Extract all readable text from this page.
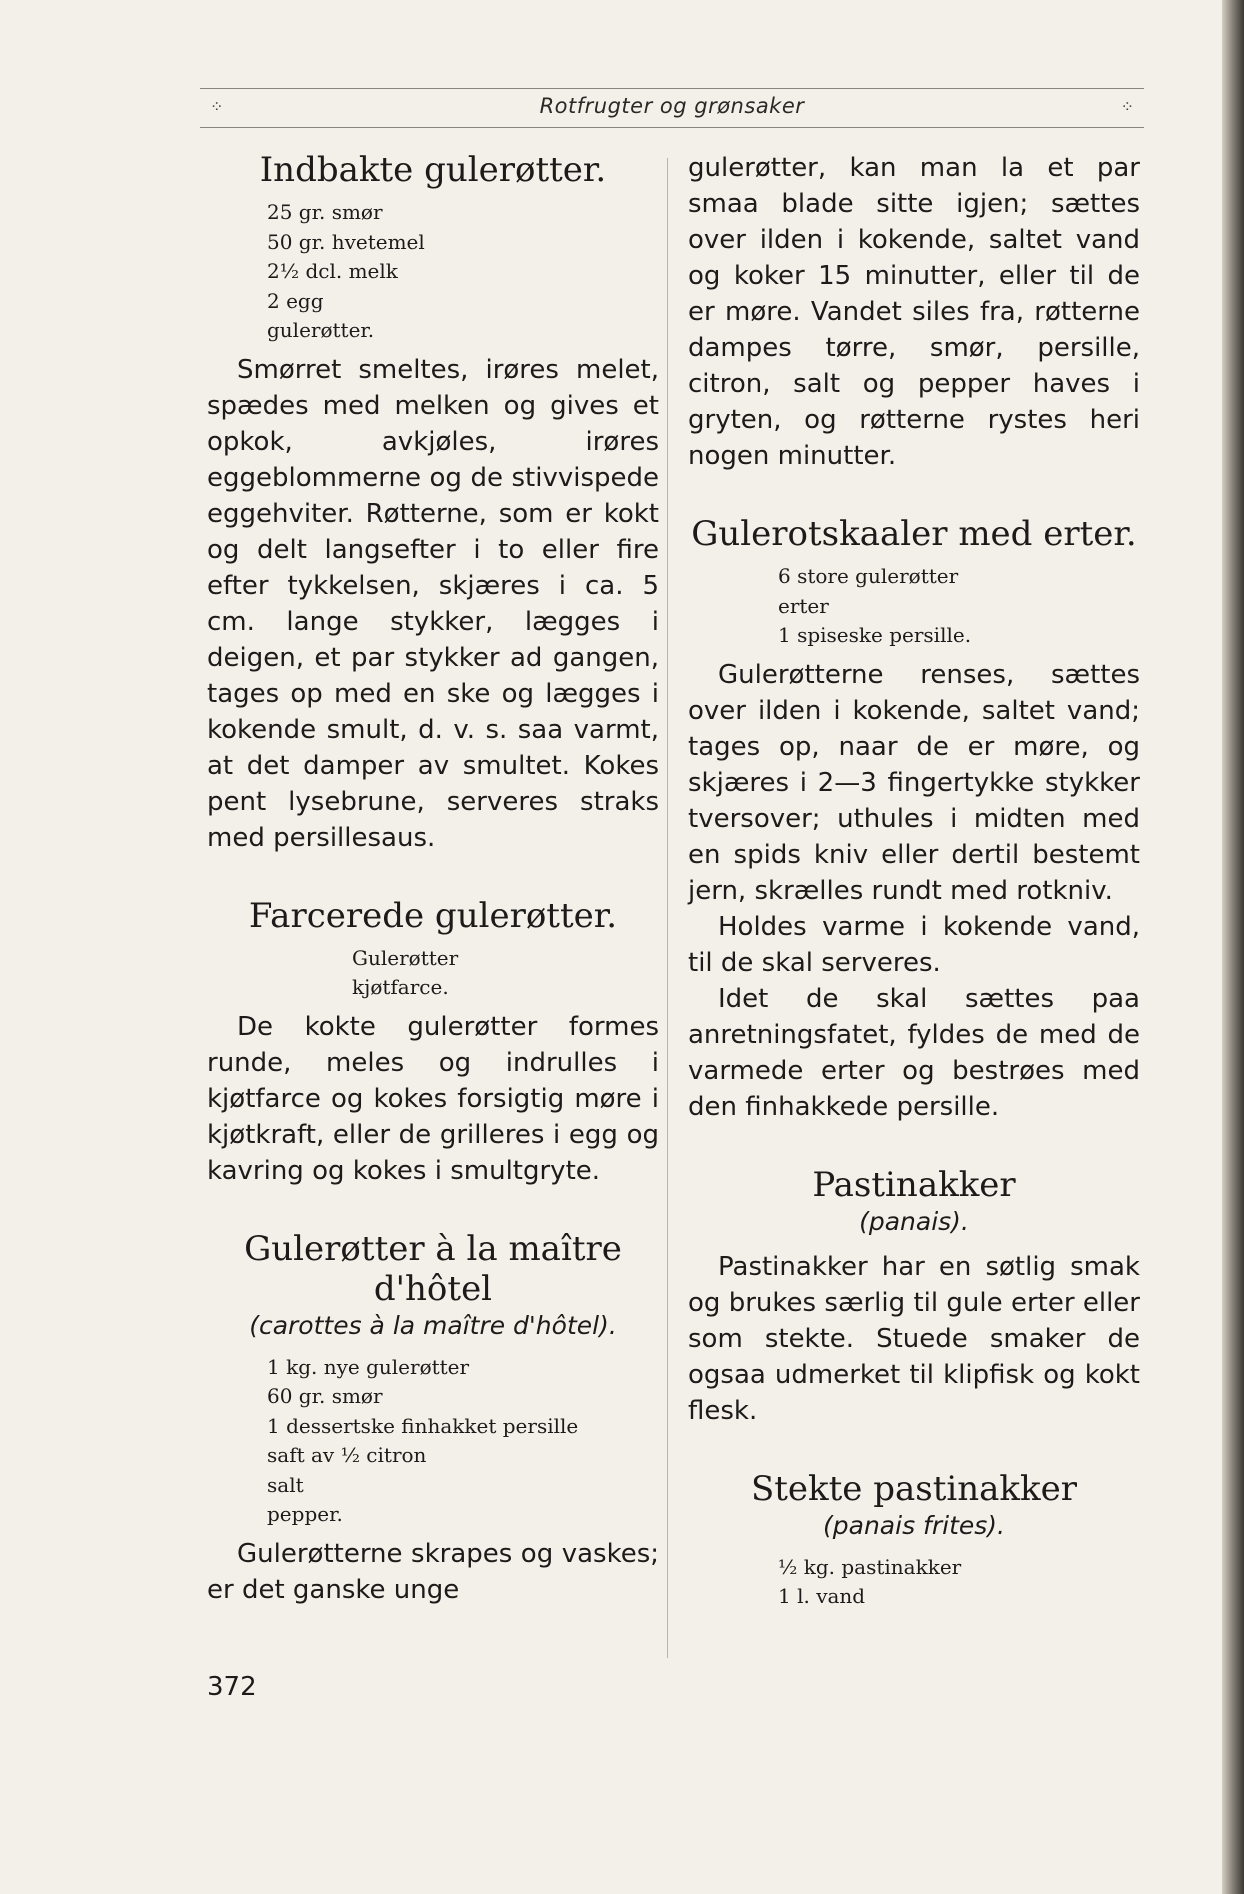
⁘	Rotfrugter og grønsaker	⁘
Indbakte gulerøtter.
25 gr. smør
50 gr. hvetemel
2½ dcl. melk
2 egg
gulerøtter.

Smørret smeltes, irøres melet, spædes med melken og gives et opkok, avkjøles, irøres eggeblommerne og de stivvispede eggehviter. Røtterne, som er kokt og delt langsefter i to eller fire efter tykkelsen, skjæres i ca. 5 cm. lange stykker, lægges i deigen, et par stykker ad gangen, tages op med en ske og lægges i kokende smult, d. v. s. saa varmt, at det damper av smultet. Kokes pent lysebrune, serveres straks med persillesaus.

Farcerede gulerøtter.
Gulerøtter
kjøtfarce.

De kokte gulerøtter formes runde, meles og indrulles i kjøtfarce og kokes forsigtig møre i kjøtkraft, eller de grilleres i egg og kavring og kokes i smultgryte.

Gulerøtter à la maître
d'hôtel
(carottes à la maître d'hôtel).
1 kg. nye gulerøtter
60 gr. smør
1 dessertske finhakket persille
saft av ½ citron
salt
pepper.

Gulerøtterne skrapes og vaskes; er det ganske unge

gulerøtter, kan man la et par smaa blade sitte igjen; sættes over ilden i kokende, saltet vand og koker 15 minutter, eller til de er møre. Vandet siles fra, røtterne dampes tørre, smør, persille, citron, salt og pepper haves i gryten, og røtterne rystes heri nogen minutter.

Gulerotskaaler med erter.
6 store gulerøtter
erter
1 spiseske persille.

Gulerøtterne renses, sættes over ilden i kokende, saltet vand; tages op, naar de er møre, og skjæres i 2—3 fingertykke stykker tversover; uthules i midten med en spids kniv eller dertil bestemt jern, skrælles rundt med rotkniv.

Holdes varme i kokende vand, til de skal serveres.

Idet de skal sættes paa anretningsfatet, fyldes de med de varmede erter og bestrøes med den finhakkede persille.

Pastinakker
(panais).

Pastinakker har en søtlig smak og brukes særlig til gule erter eller som stekte. Stuede smaker de ogsaa udmerket til klipfisk og kokt flesk.

Stekte pastinakker
(panais frites).
½ kg. pastinakker
1 l. vand
372
